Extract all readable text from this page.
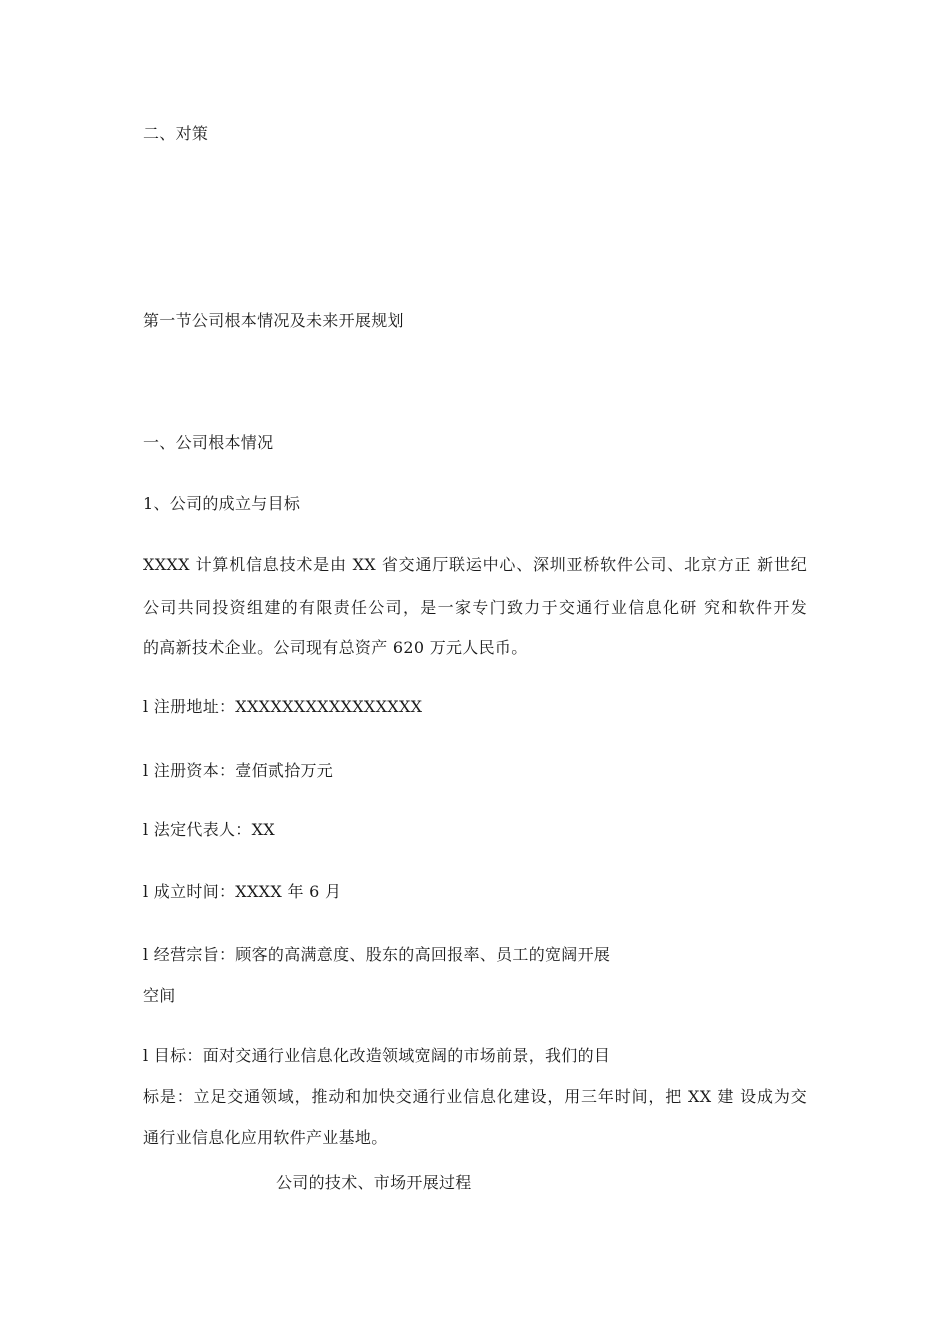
二、对策
第一节公司根本情况及未来开展规划
一、公司根本情况
1、公司的成立与目标
XXXX 计算机信息技术是由 XX 省交通厅联运中心、深圳亚桥软件公司、北京方正 新世纪
公司共同投资组建的有限责任公司，是一家专门致力于交通行业信息化研 究和软件开发
的高新技术企业。公司现有总资产 620 万元人民币。
l 注册地址：XXXXXXXXXXXXXXXX
l 注册资本：壹佰贰拾万元
l 法定代表人：XX
l 成立时间：XXXX 年 6 月
l 经营宗旨：顾客的高满意度、股东的高回报率、员工的宽阔开展
空间
l 目标：面对交通行业信息化改造领域宽阔的市场前景，我们的目
标是：立足交通领域，推动和加快交通行业信息化建设，用三年时间，把 XX 建 设成为交
通行业信息化应用软件产业基地。
公司的技术、市场开展过程
